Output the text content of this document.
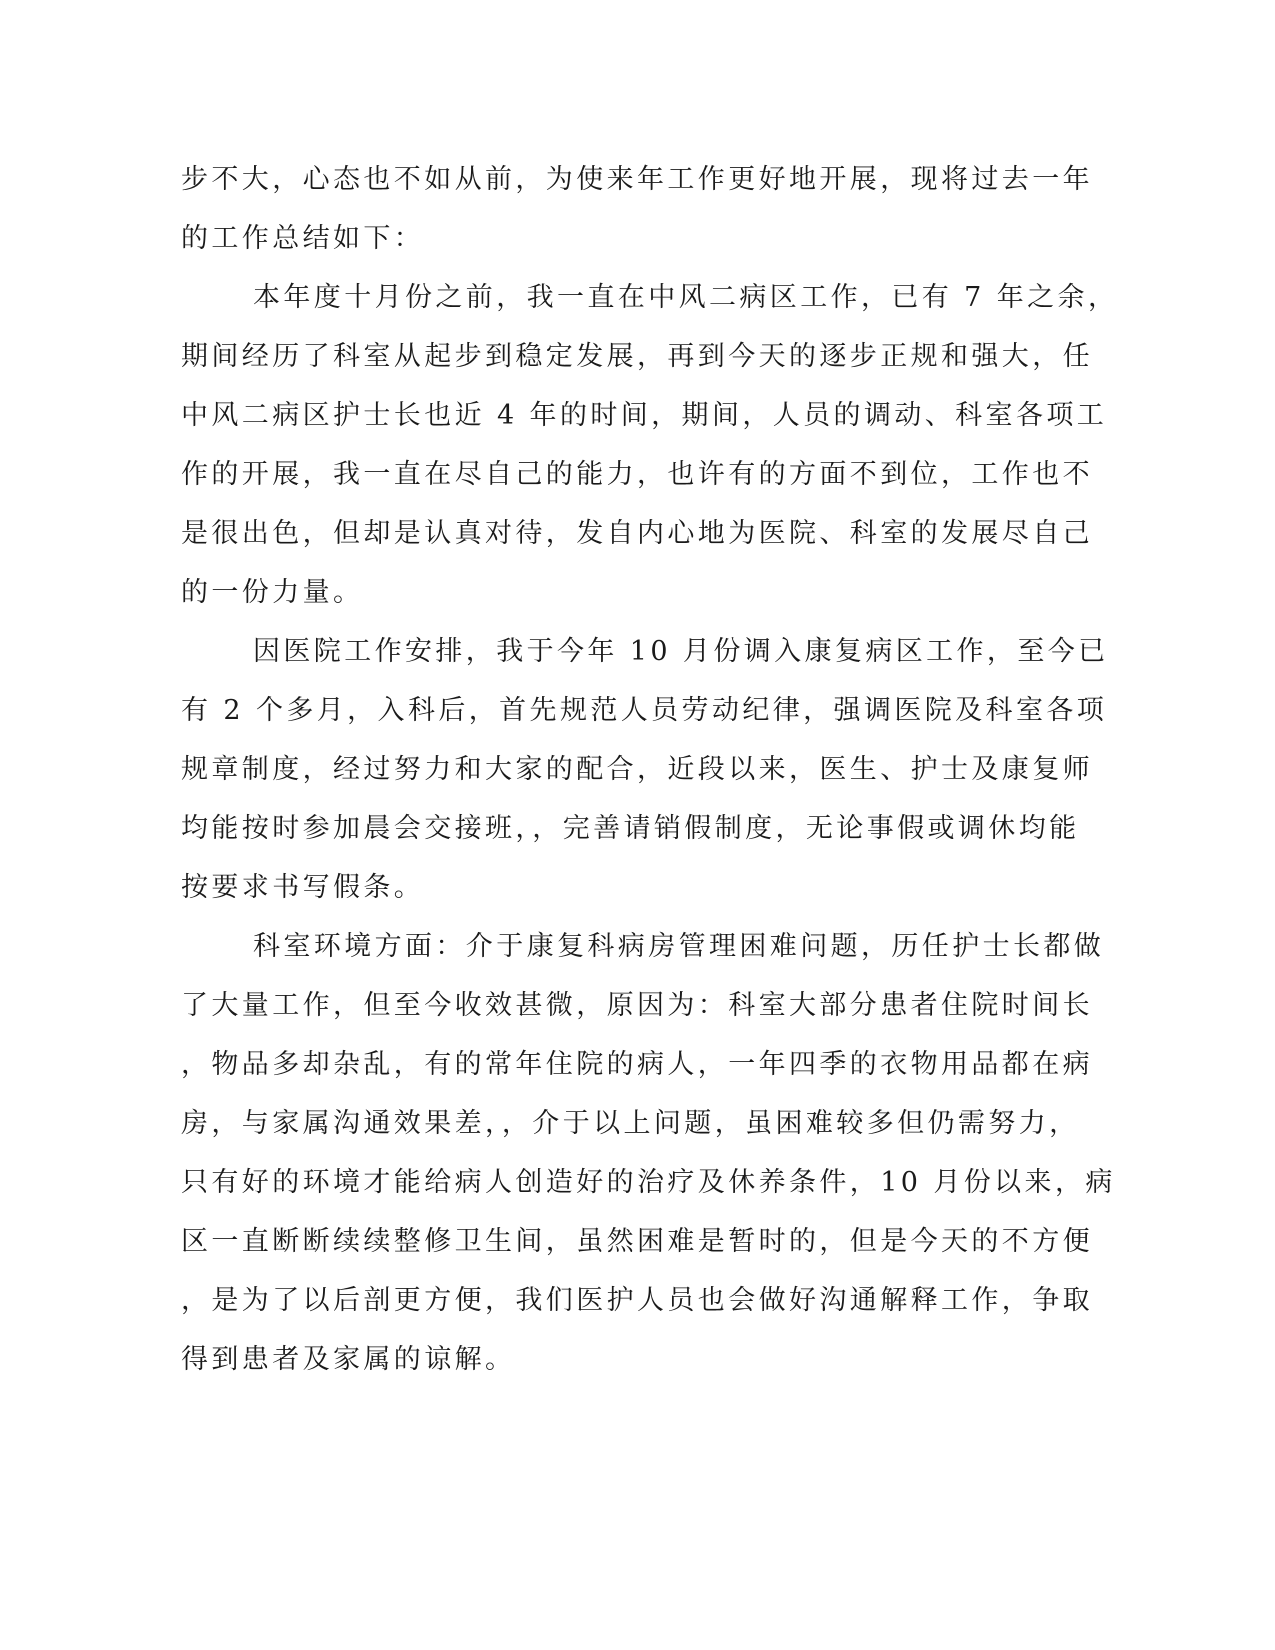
步不大，心态也不如从前，为使来年工作更好地开展，现将过去一年
的工作总结如下：
本年度十月份之前，我一直在中风二病区工作，已有 7 年之余，
期间经历了科室从起步到稳定发展，再到今天的逐步正规和强大，任
中风二病区护士长也近 4 年的时间，期间，人员的调动、科室各项工
作的开展，我一直在尽自己的能力，也许有的方面不到位，工作也不
是很出色，但却是认真对待，发自内心地为医院、科室的发展尽自己
的一份力量。
因医院工作安排，我于今年 10 月份调入康复病区工作，至今已
有 2 个多月，入科后，首先规范人员劳动纪律，强调医院及科室各项
规章制度，经过努力和大家的配合，近段以来，医生、护士及康复师
均能按时参加晨会交接班，，完善请销假制度，无论事假或调休均能
按要求书写假条。
科室环境方面：介于康复科病房管理困难问题，历任护士长都做
了大量工作，但至今收效甚微，原因为：科室大部分患者住院时间长
，物品多却杂乱，有的常年住院的病人，一年四季的衣物用品都在病
房，与家属沟通效果差，，介于以上问题，虽困难较多但仍需努力，
只有好的环境才能给病人创造好的治疗及休养条件，10 月份以来，病
区一直断断续续整修卫生间，虽然困难是暂时的，但是今天的不方便
，是为了以后剖更方便，我们医护人员也会做好沟通解释工作，争取
得到患者及家属的谅解。
